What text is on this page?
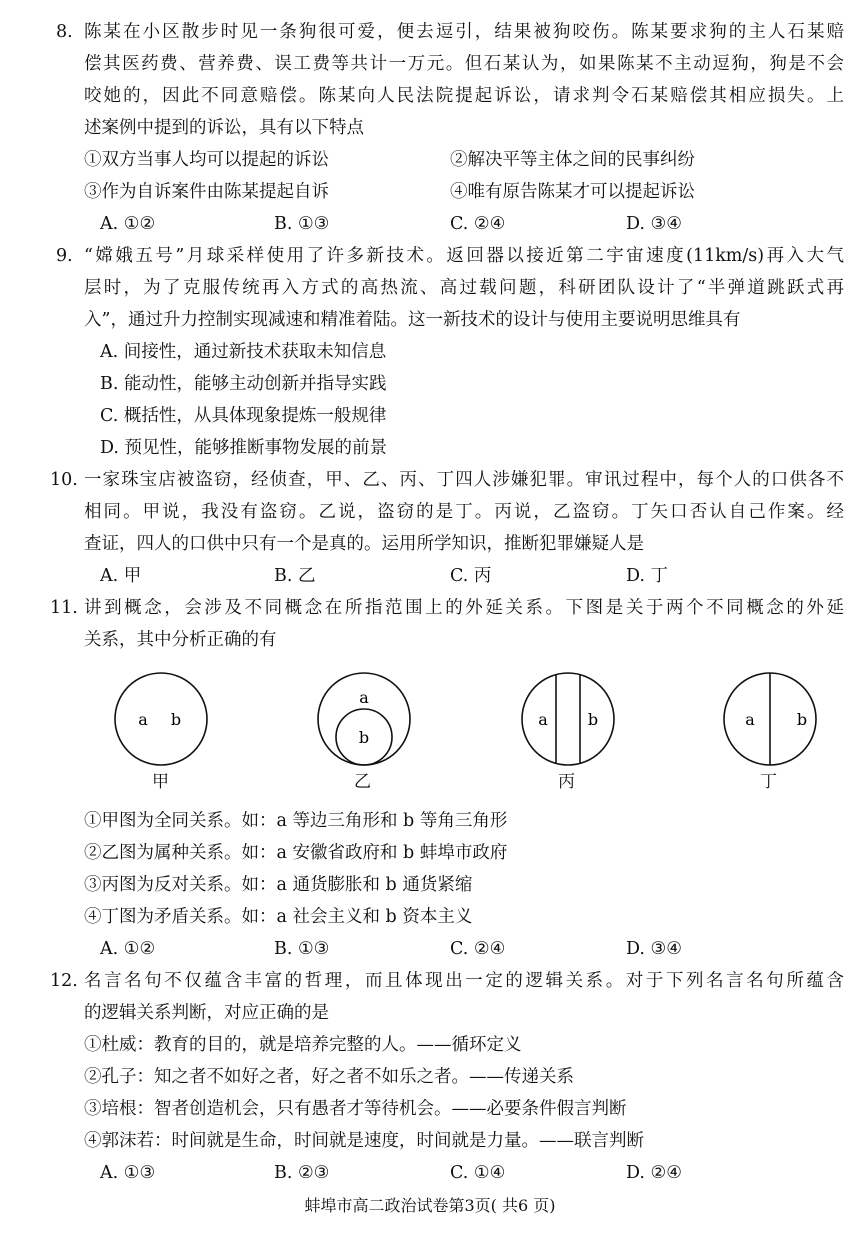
8. 陈某在小区散步时见一条狗很可爱，便去逗引，结果被狗咬伤。陈某要求狗的主人石某赔
偿其医药费、营养费、误工费等共计一万元。但石某认为，如果陈某不主动逗狗，狗是不会
咬她的，因此不同意赔偿。陈某向人民法院提起诉讼，请求判令石某赔偿其相应损失。上
述案例中提到的诉讼，具有以下特点
①双方当事人均可以提起的诉讼	②解决平等主体之间的民事纠纷
③作为自诉案件由陈某提起自诉	④唯有原告陈某才可以提起诉讼
A. ①②	B. ①③	C. ②④	D. ③④
9. “嫦娥五号”月球采样使用了许多新技术。返回器以接近第二宇宙速度(11km/s)再入大气
层时，为了克服传统再入方式的高热流、高过载问题，科研团队设计了“半弹道跳跃式再
入”，通过升力控制实现减速和精准着陆。这一新技术的设计与使用主要说明思维具有
A. 间接性，通过新技术获取未知信息
B. 能动性，能够主动创新并指导实践
C. 概括性，从具体现象提炼一般规律
D. 预见性，能够推断事物发展的前景
10. 一家珠宝店被盗窃，经侦查，甲、乙、丙、丁四人涉嫌犯罪。审讯过程中，每个人的口供各不
相同。甲说，我没有盗窃。乙说，盗窃的是丁。丙说，乙盗窃。丁矢口否认自己作案。经
查证，四人的口供中只有一个是真的。运用所学知识，推断犯罪嫌疑人是
A. 甲	B. 乙	C. 丙	D. 丁
11. 讲到概念，会涉及不同概念在所指范围上的外延关系。下图是关于两个不同概念的外延
关系，其中分析正确的有
a b
a
b
a	b	a	b
甲	乙	丙	丁
①甲图为全同关系。如：a 等边三角形和 b 等角三角形
②乙图为属种关系。如：a 安徽省政府和 b 蚌埠市政府
③丙图为反对关系。如：a 通货膨胀和 b 通货紧缩
④丁图为矛盾关系。如：a 社会主义和 b 资本主义
A. ①②	B. ①③	C. ②④	D. ③④
12. 名言名句不仅蕴含丰富的哲理，而且体现出一定的逻辑关系。对于下列名言名句所蕴含
的逻辑关系判断，对应正确的是
①杜威：教育的目的，就是培养完整的人。——循环定义
②孔子：知之者不如好之者，好之者不如乐之者。——传递关系
③培根：智者创造机会，只有愚者才等待机会。——必要条件假言判断
④郭沫若：时间就是生命，时间就是速度，时间就是力量。——联言判断
A. ①③	B. ②③	C. ①④	D. ②④
蚌埠市高二政治试卷第3页( 共6 页)
